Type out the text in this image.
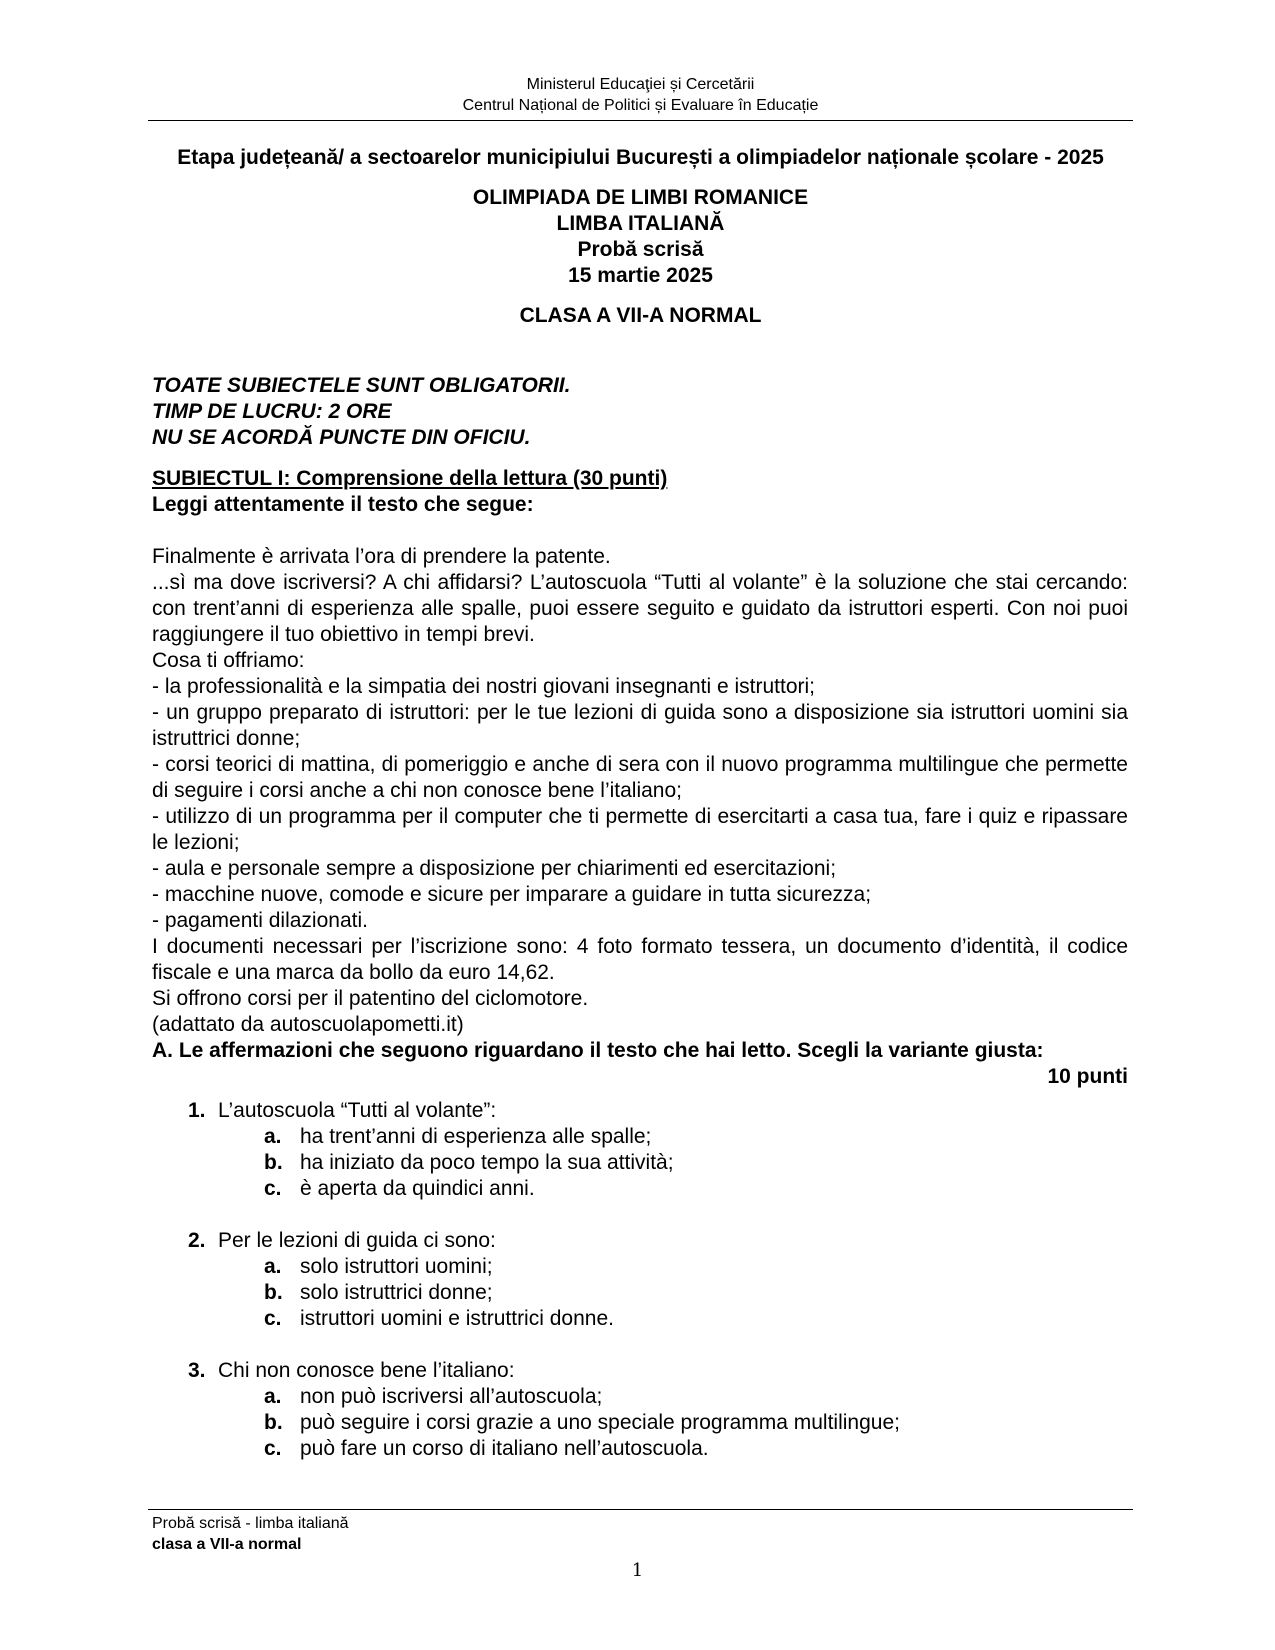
Ministerul Educaţiei și Cercetării
Centrul Național de Politici și Evaluare în Educație
Etapa județeană/ a sectoarelor municipiului București a olimpiadelor naționale școlare - 2025
OLIMPIADA DE LIMBI ROMANICE
LIMBA ITALIANĂ
Probă scrisă
15 martie 2025
CLASA A VII-A NORMAL
TOATE SUBIECTELE SUNT OBLIGATORII.
TIMP DE LUCRU: 2 ORE
NU SE ACORDĂ PUNCTE DIN OFICIU.
SUBIECTUL I: Comprensione della lettura (30 punti)
Leggi attentamente il testo che segue:

Finalmente è arrivata l’ora di prendere la patente.

...sì ma dove iscriversi? A chi affidarsi? L’autoscuola “Tutti al volante” è la soluzione che stai cercando: con trent’anni di esperienza alle spalle, puoi essere seguito e guidato da istruttori esperti. Con noi puoi raggiungere il tuo obiettivo in tempi brevi.

Cosa ti offriamo:

- la professionalità e la simpatia dei nostri giovani insegnanti e istruttori;

- un gruppo preparato di istruttori: per le tue lezioni di guida sono a disposizione sia istruttori uomini sia istruttrici donne;

- corsi teorici di mattina, di pomeriggio e anche di sera con il nuovo programma multilingue che permette di seguire i corsi anche a chi non conosce bene l’italiano;

- utilizzo di un programma per il computer che ti permette di esercitarti a casa tua, fare i quiz e ripassare le lezioni;

- aula e personale sempre a disposizione per chiarimenti ed esercitazioni;

- macchine nuove, comode e sicure per imparare a guidare in tutta sicurezza;

- pagamenti dilazionati.

I documenti necessari per l’iscrizione sono: 4 foto formato tessera, un documento d’identità, il codice fiscale e una marca da bollo da euro 14,62.

Si offrono corsi per il patentino del ciclomotore.

(adattato da autoscuolapometti.it)

A. Le affermazioni che seguono riguardano il testo che hai letto. Scegli la variante giusta:

10 punti

1. L’autoscuola “Tutti al volante”:
a. ha trent’anni di esperienza alle spalle;
b. ha iniziato da poco tempo la sua attività;
c. è aperta da quindici anni.
2. Per le lezioni di guida ci sono:
a. solo istruttori uomini;
b. solo istruttrici donne;
c. istruttori uomini e istruttrici donne.
3. Chi non conosce bene l’italiano:
a. non può iscriversi all’autoscuola;
b. può seguire i corsi grazie a uno speciale programma multilingue;
c. può fare un corso di italiano nell’autoscuola.
Probă scrisă - limba italiană
clasa a VII-a normal
1
